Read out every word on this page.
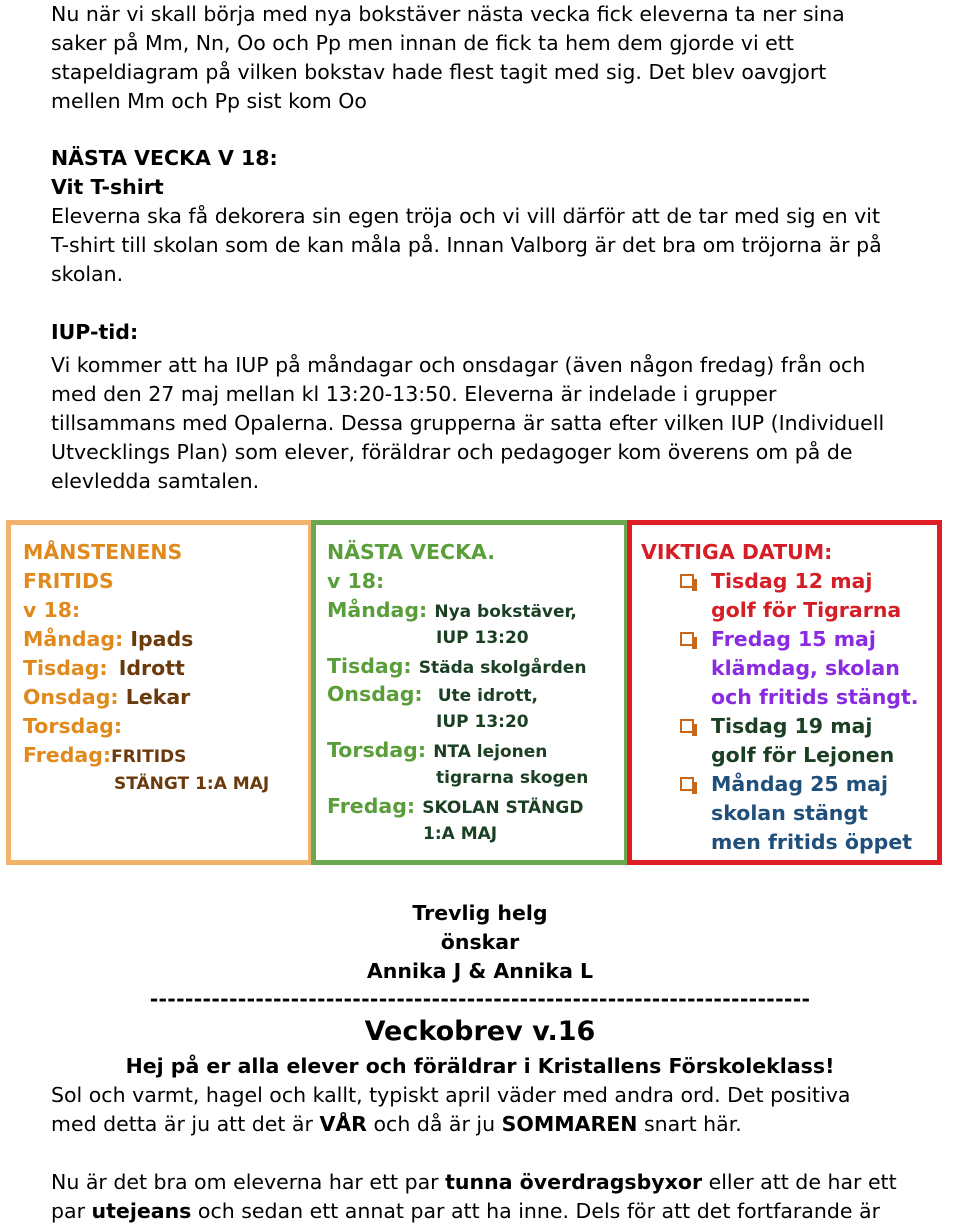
Nu när vi skall börja med nya bokstäver nästa vecka fick eleverna ta ner sina
saker på Mm, Nn, Oo och Pp men innan de fick ta hem dem gjorde vi ett
stapeldiagram på vilken bokstav hade flest tagit med sig. Det blev oavgjort
mellen Mm och Pp sist kom Oo
NÄSTA VECKA V 18:
Vit T-shirt
Eleverna ska få dekorera sin egen tröja och vi vill därför att de tar med sig en vit
T-shirt till skolan som de kan måla på. Innan Valborg är det bra om tröjorna är på
skolan.
IUP-tid:
Vi kommer att ha IUP på måndagar och onsdagar (även någon fredag) från och
med den 27 maj mellan kl 13:20-13:50. Eleverna är indelade i grupper
tillsammans med Opalerna. Dessa grupperna är satta efter vilken IUP (Individuell
Utvecklings Plan) som elever, föräldrar och pedagoger kom överens om på de
elevledda samtalen.
MÅNSTENENS
FRITIDS
v 18:
Måndag: Ipads
Tisdag: Idrott
Onsdag: Lekar
Torsdag:
Fredag:FRITIDS
STÄNGT 1:A MAJ
NÄSTA VECKA.
v 18:
Måndag: Nya bokstäver,
IUP 13:20
Tisdag: Städa skolgården
Onsdag: Ute idrott,
IUP 13:20
Torsdag: NTA lejonen
tigrarna skogen
Fredag: SKOLAN STÄNGD
1:A MAJ
VIKTIGA DATUM:
Tisdag 12 maj
golf för Tigrarna
Fredag 15 maj
klämdag, skolan
och fritids stängt.
Tisdag 19 maj
golf för Lejonen
Måndag 25 maj
skolan stängt
men fritids öppet
Trevlig helg
önskar
Annika J & Annika L
---------------------------------------------------------------------------
Veckobrev v.16
Hej på er alla elever och föräldrar i Kristallens Förskoleklass!
Sol och varmt, hagel och kallt, typiskt april väder med andra ord. Det positiva
med detta är ju att det är VÅR och då är ju SOMMAREN snart här.
Nu är det bra om eleverna har ett par tunna överdragsbyxor eller att de har ett
par utejeans och sedan ett annat par att ha inne. Dels för att det fortfarande är
